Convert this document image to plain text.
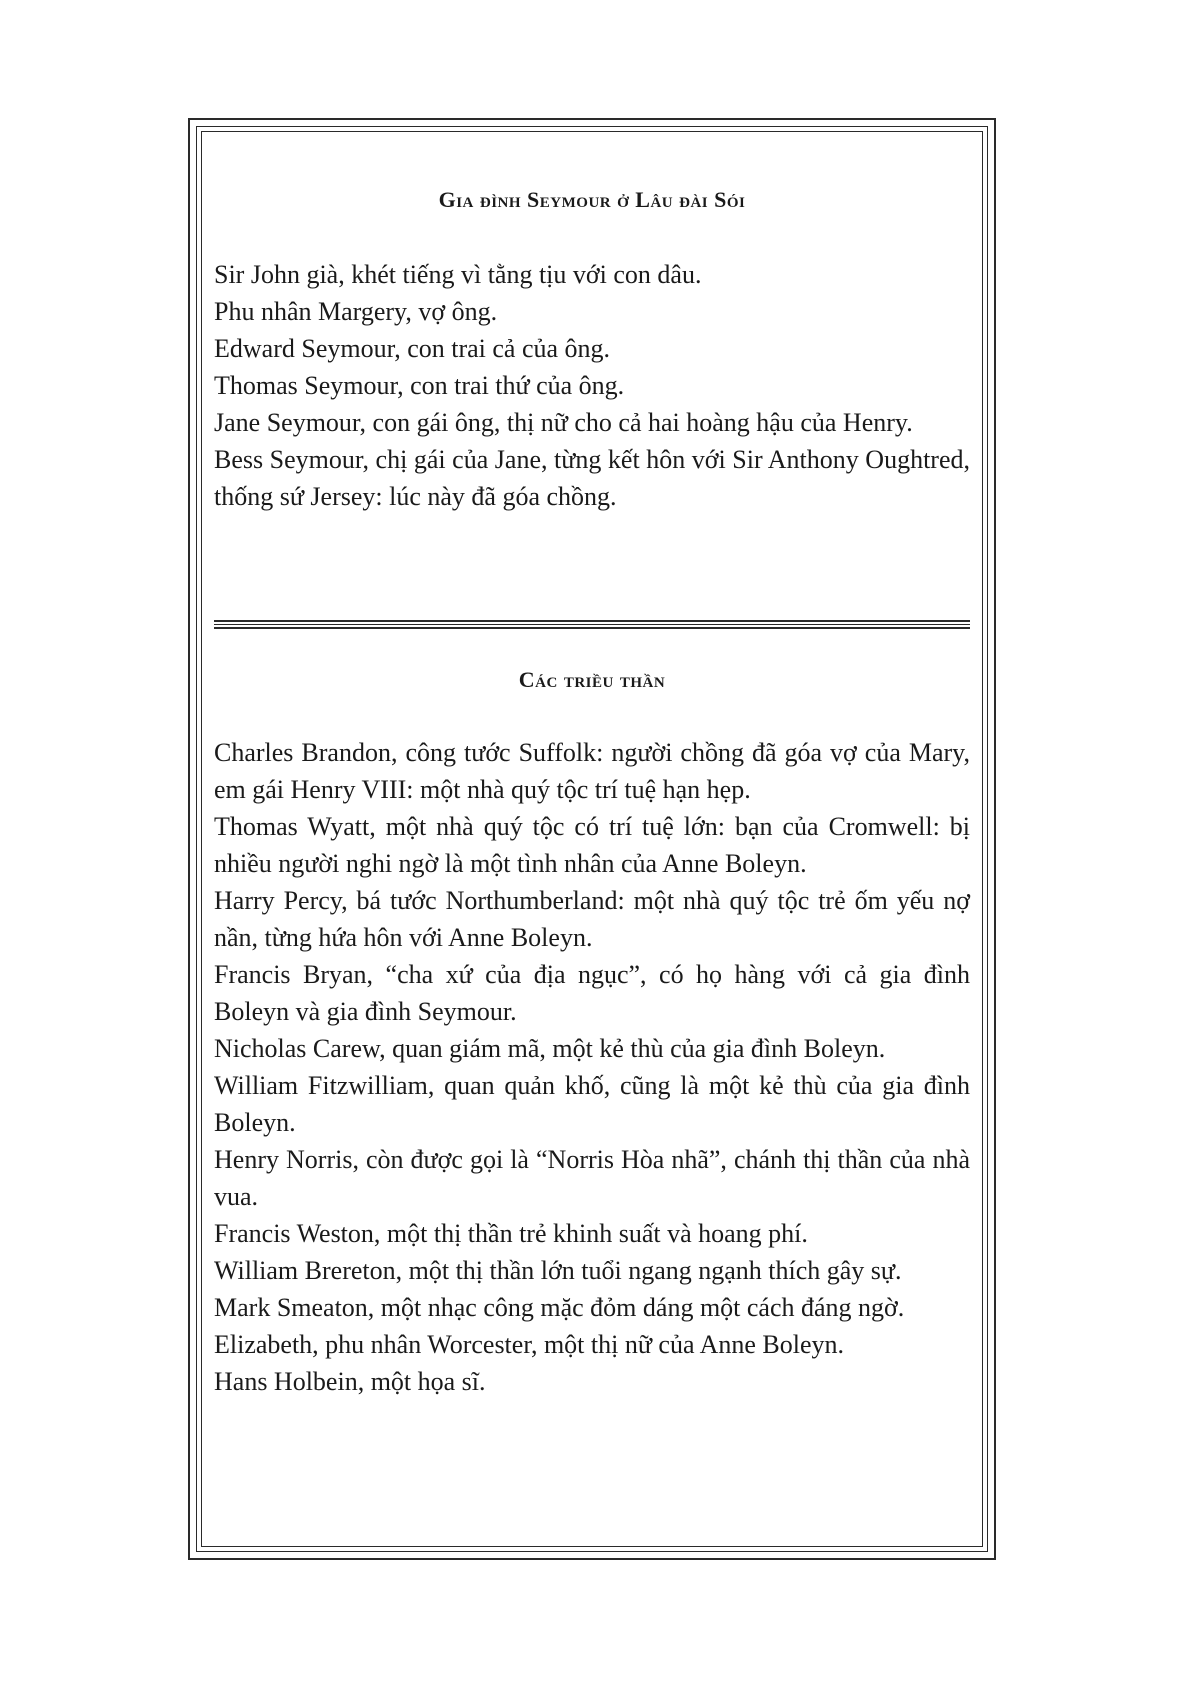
Gia đình Seymour ở Lâu đài Sói

Sir John già, khét tiếng vì tằng tịu với con dâu.

Phu nhân Margery, vợ ông.

Edward Seymour, con trai cả của ông.

Thomas Seymour, con trai thứ của ông.

Jane Seymour, con gái ông, thị nữ cho cả hai hoàng hậu của Henry.

Bess Seymour, chị gái của Jane, từng kết hôn với Sir Anthony Oughtred, thống sứ Jersey: lúc này đã góa chồng.

Các triều thần

Charles Brandon, công tước Suffolk: người chồng đã góa vợ của Mary, em gái Henry VIII: một nhà quý tộc trí tuệ hạn hẹp.

Thomas Wyatt, một nhà quý tộc có trí tuệ lớn: bạn của Cromwell: bị nhiều người nghi ngờ là một tình nhân của Anne Boleyn.

Harry Percy, bá tước Northumberland: một nhà quý tộc trẻ ốm yếu nợ nần, từng hứa hôn với Anne Boleyn.

Francis Bryan, “cha xứ của địa ngục”, có họ hàng với cả gia đình Boleyn và gia đình Seymour.

Nicholas Carew, quan giám mã, một kẻ thù của gia đình Boleyn.

William Fitzwilliam, quan quản khố, cũng là một kẻ thù của gia đình Boleyn.

Henry Norris, còn được gọi là “Norris Hòa nhã”, chánh thị thần của nhà vua.

Francis Weston, một thị thần trẻ khinh suất và hoang phí.

William Brereton, một thị thần lớn tuổi ngang ngạnh thích gây sự.

Mark Smeaton, một nhạc công mặc đỏm dáng một cách đáng ngờ.

Elizabeth, phu nhân Worcester, một thị nữ của Anne Boleyn.

Hans Holbein, một họa sĩ.
